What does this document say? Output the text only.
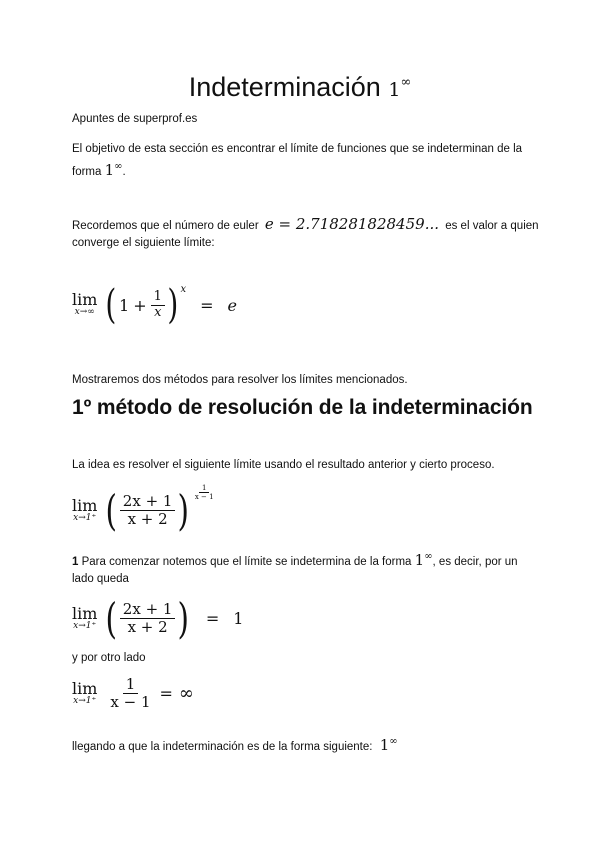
Indeterminación 1∞
Apuntes de superprof.es
El objetivo de esta sección es encontrar el límite de funciones que se indeterminan de la
forma 1∞.
Recordemos que el número de euler e = 2.718281828459... es el valor a quien
converge el siguiente límite:
lim
x→∞ ( $1 + \frac{1}{x}$ ) x
= e
Mostraremos dos métodos para resolver los límites mencionados.
1º método de resolución de la indeterminación
La idea es resolver el siguiente límite usando el resultado anterior y cierto proceso.
lim
x→1⁺ ( $\frac{2x + 1}{x + 2}$ ) $\frac{1}{x - 1}$
1 Para comenzar notemos que el límite se indetermina de la forma 1∞, es decir, por un
lado queda
lim
x→1⁺ ( $\frac{2x + 1}{x + 2}$ ) = 1
y por otro lado
lim
$x\to 1^+ \frac{1}{x - 1}$ = ∞
llegando a que la indeterminación es de la forma siguiente: 1∞
